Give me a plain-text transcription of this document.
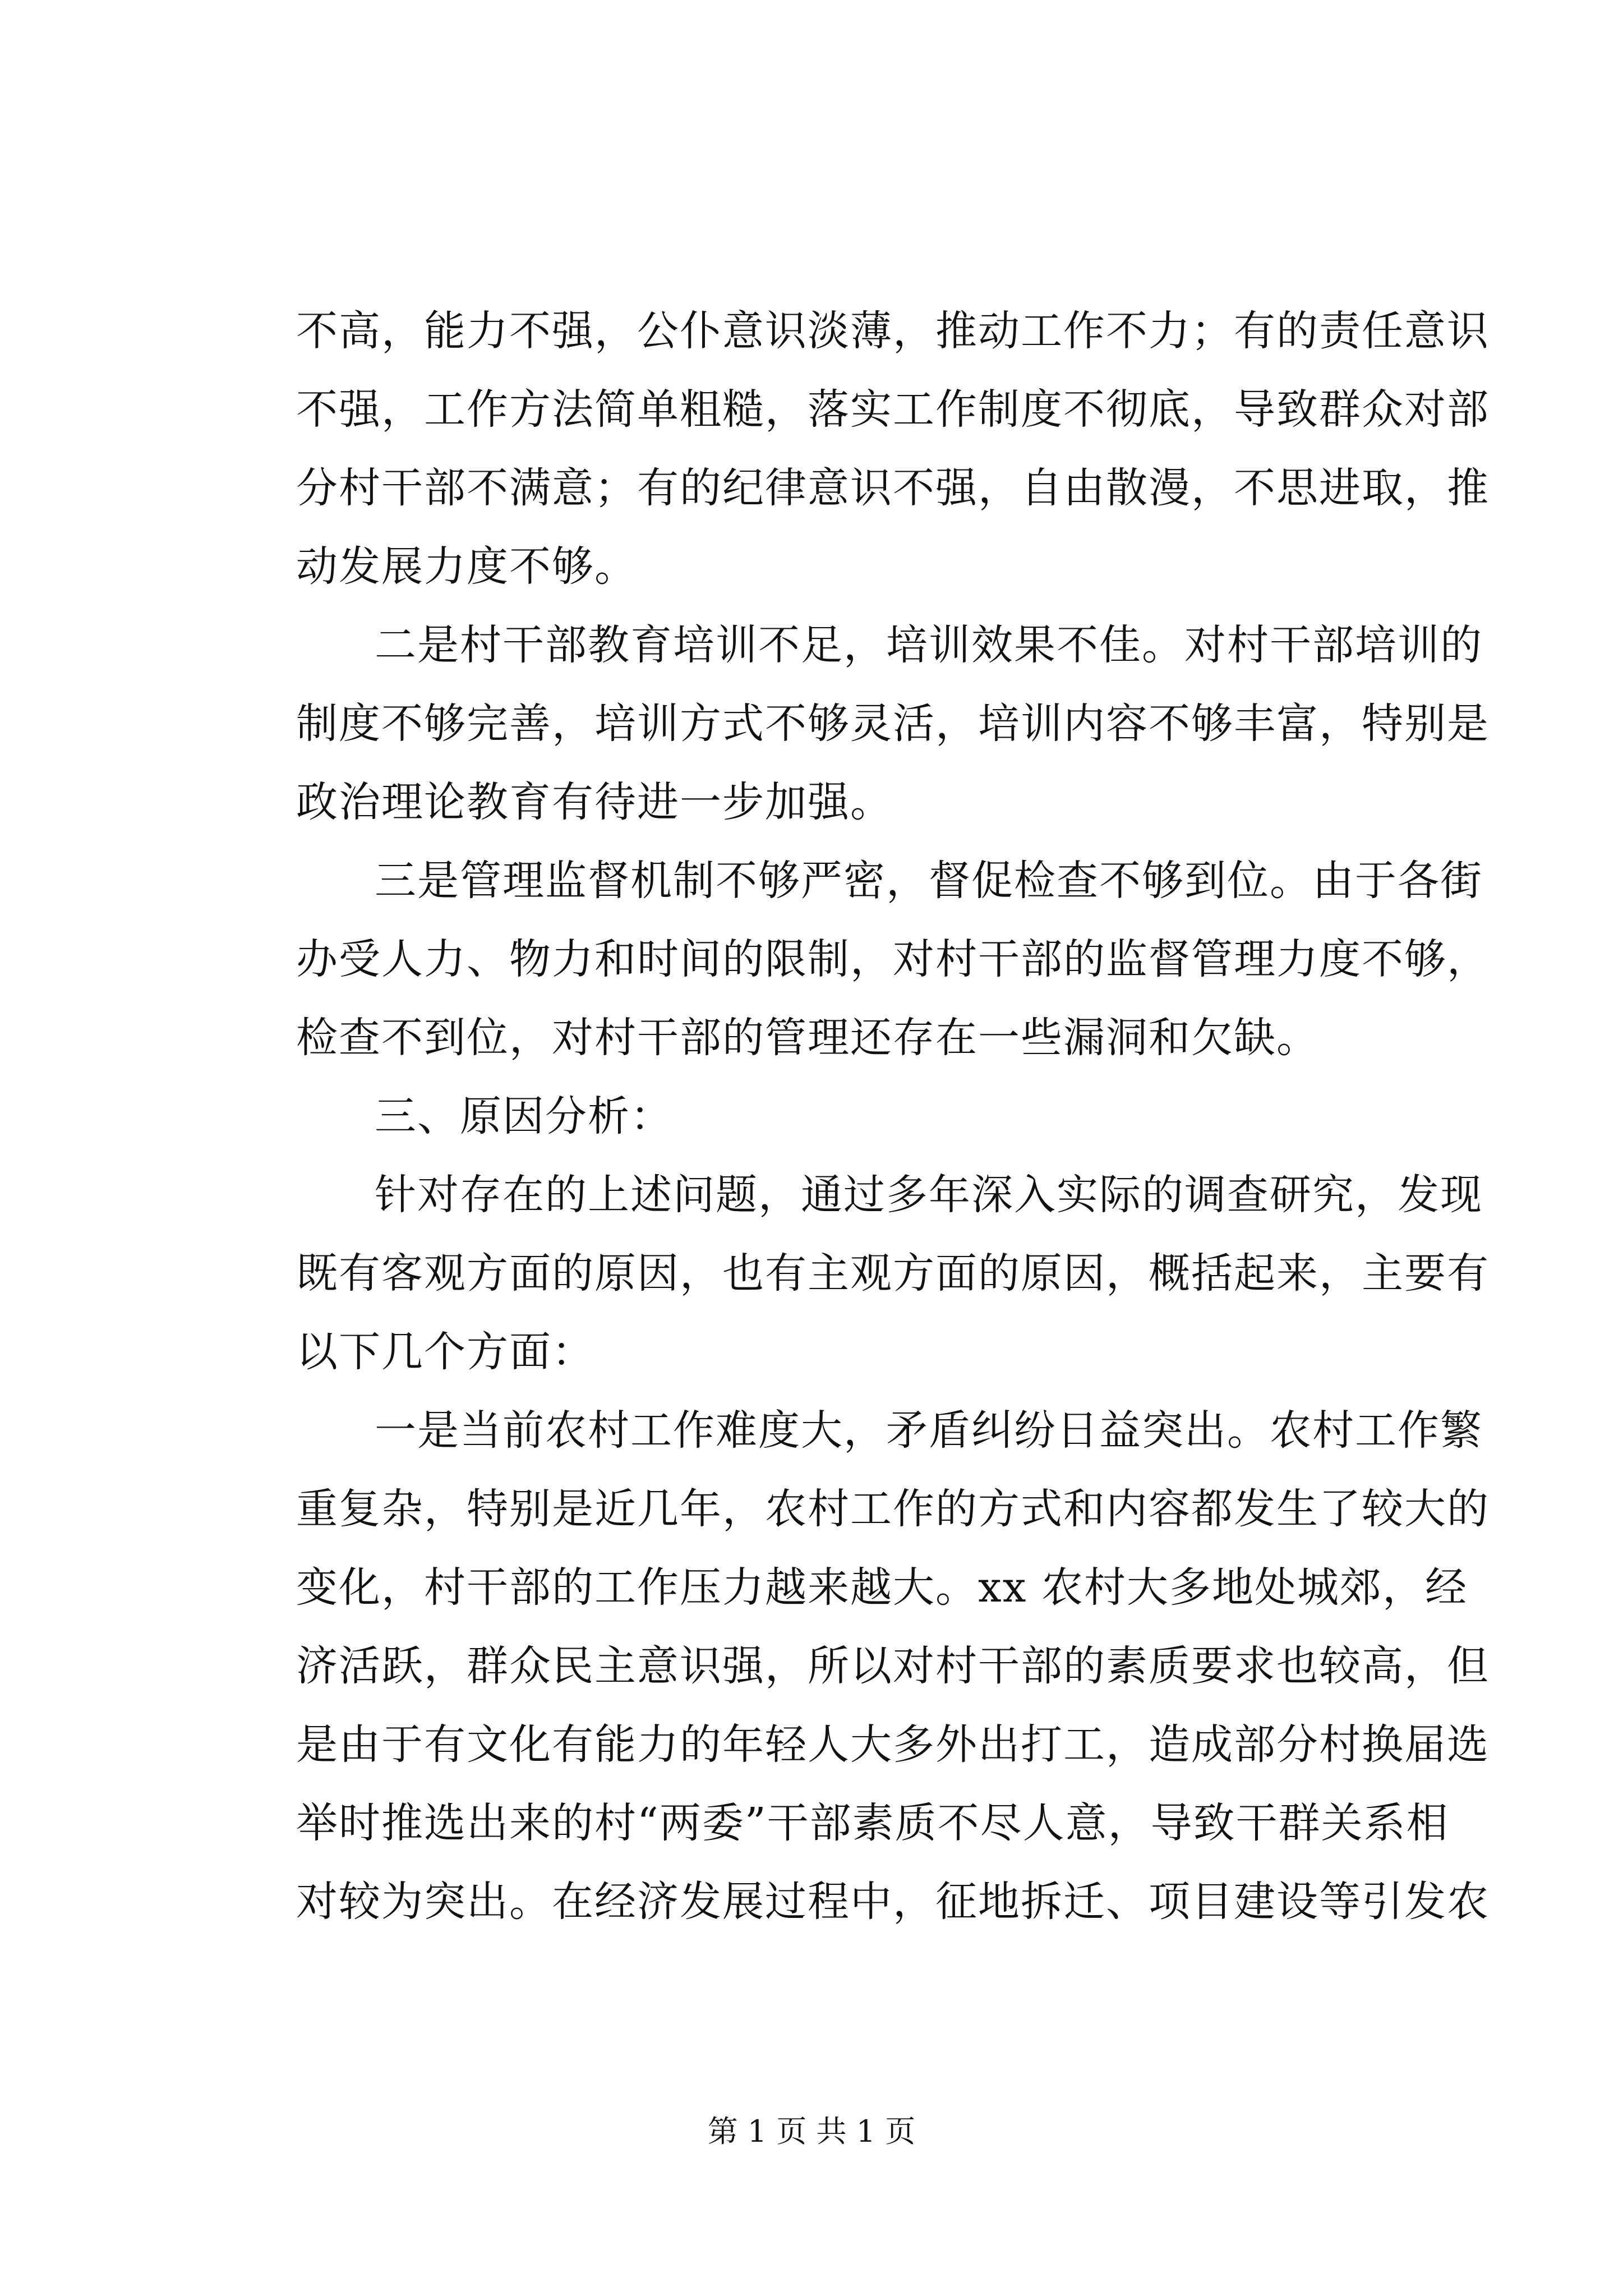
不高，能力不强，公仆意识淡薄，推动工作不力；有的责任意识
不强，工作方法简单粗糙，落实工作制度不彻底，导致群众对部
分村干部不满意；有的纪律意识不强，自由散漫，不思进取，推
动发展力度不够。
二是村干部教育培训不足，培训效果不佳。对村干部培训的
制度不够完善，培训方式不够灵活，培训内容不够丰富，特别是
政治理论教育有待进一步加强。
三是管理监督机制不够严密，督促检查不够到位。由于各街
办受人力、物力和时间的限制，对村干部的监督管理力度不够，
检查不到位，对村干部的管理还存在一些漏洞和欠缺。
三、原因分析：
针对存在的上述问题，通过多年深入实际的调查研究，发现
既有客观方面的原因，也有主观方面的原因，概括起来，主要有
以下几个方面：
一是当前农村工作难度大，矛盾纠纷日益突出。农村工作繁
重复杂，特别是近几年，农村工作的方式和内容都发生了较大的
变化，村干部的工作压力越来越大。xx 农村大多地处城郊，经
济活跃，群众民主意识强，所以对村干部的素质要求也较高，但
是由于有文化有能力的年轻人大多外出打工，造成部分村换届选
举时推选出来的村“两委”干部素质不尽人意，导致干群关系相
对较为突出。在经济发展过程中，征地拆迁、项目建设等引发农
第 1 页 共 1 页
